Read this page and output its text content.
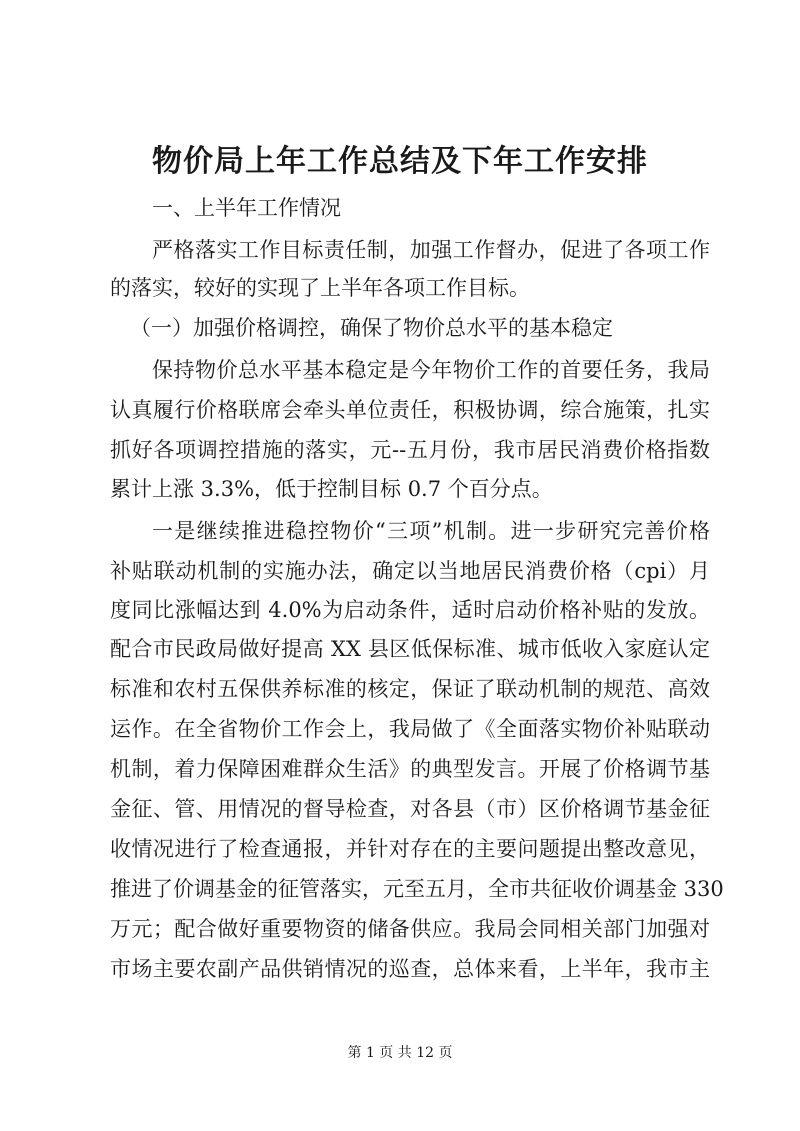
物价局上年工作总结及下年工作安排
一、上半年工作情况
严格落实工作目标责任制，加强工作督办，促进了各项工作
的落实，较好的实现了上半年各项工作目标。
（一）加强价格调控，确保了物价总水平的基本稳定
保持物价总水平基本稳定是今年物价工作的首要任务，我局
认真履行价格联席会牵头单位责任，积极协调，综合施策，扎实
抓好各项调控措施的落实，元--五月份，我市居民消费价格指数
累计上涨 3.3%，低于控制目标 0.7 个百分点。
一是继续推进稳控物价“三项”机制。进一步研究完善价格
补贴联动机制的实施办法，确定以当地居民消费价格（cpi）月
度同比涨幅达到 4.0%为启动条件，适时启动价格补贴的发放。
配合市民政局做好提高 XX 县区低保标准、城市低收入家庭认定
标准和农村五保供养标准的核定，保证了联动机制的规范、高效
运作。在全省物价工作会上，我局做了《全面落实物价补贴联动
机制，着力保障困难群众生活》的典型发言。开展了价格调节基
金征、管、用情况的督导检查，对各县（市）区价格调节基金征
收情况进行了检查通报，并针对存在的主要问题提出整改意见，
推进了价调基金的征管落实，元至五月，全市共征收价调基金 330
万元；配合做好重要物资的储备供应。我局会同相关部门加强对
市场主要农副产品供销情况的巡查，总体来看，上半年，我市主
第 1 页 共 12 页
